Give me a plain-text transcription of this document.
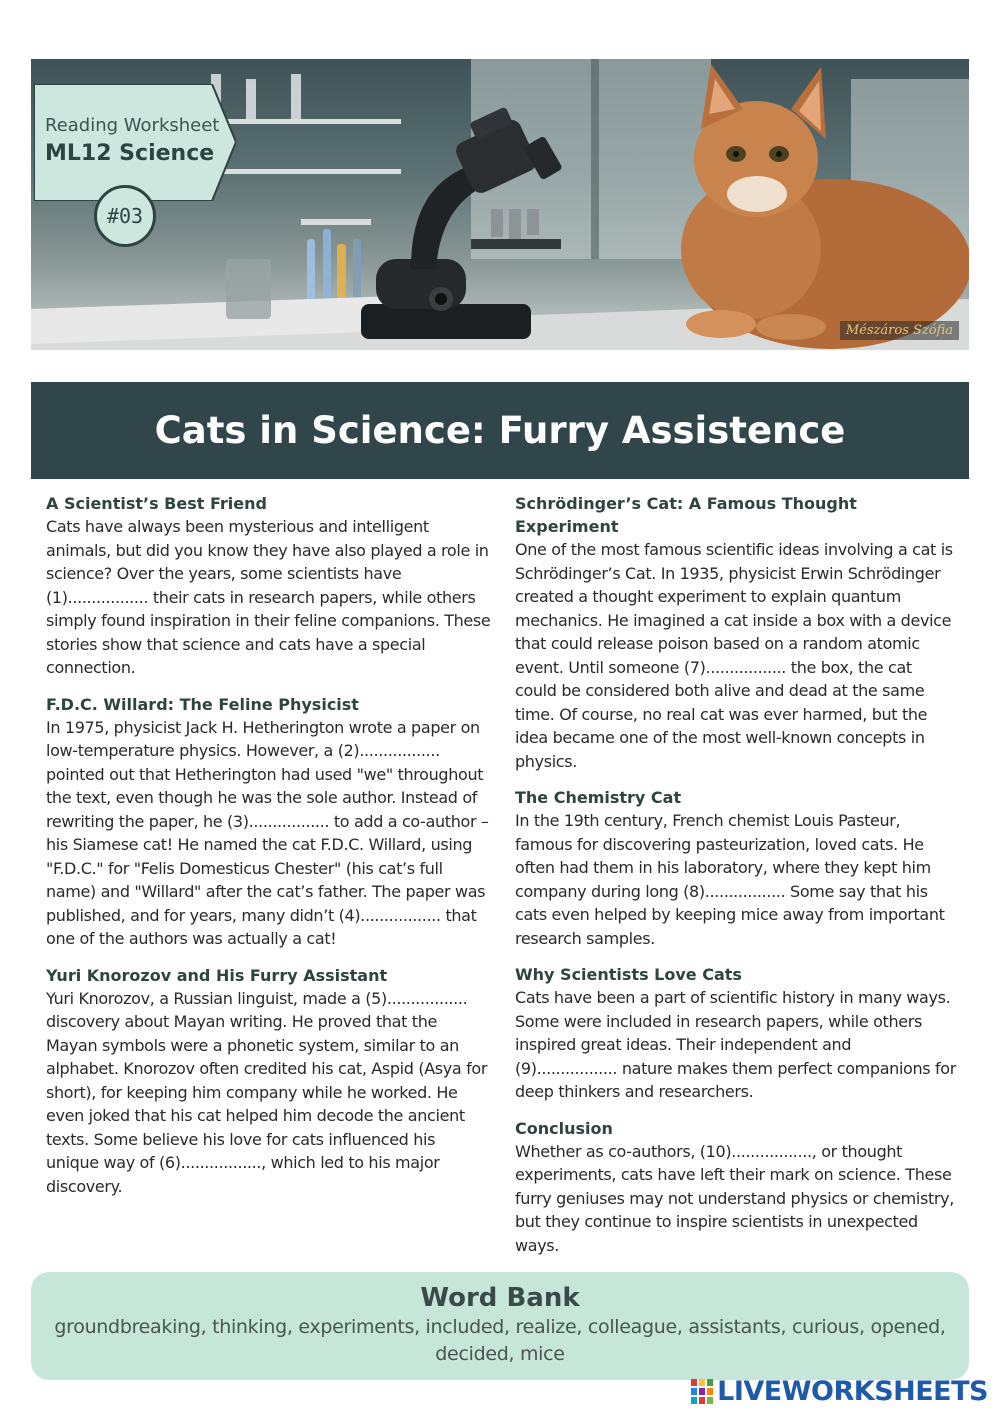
Mészáros Szófia
Reading Worksheet
ML12 Science
#03
Cats in Science: Furry Assistence
A Scientist’s Best Friend

Cats have always been mysterious and intelligent animals, but did you know they have also played a role in science? Over the years, some scientists have (1)................. their cats in research papers, while others simply found inspiration in their feline companions. These stories show that science and cats have a special connection.

F.D.C. Willard: The Feline Physicist

In 1975, physicist Jack H. Hetherington wrote a paper on low-temperature physics. However, a (2)................. pointed out that Hetherington had used "we" throughout the text, even though he was the sole author. Instead of rewriting the paper, he (3)................. to add a co-author – his Siamese cat! He named the cat F.D.C. Willard, using "F.D.C." for "Felis Domesticus Chester" (his cat’s full name) and "Willard" after the cat’s father. The paper was published, and for years, many didn’t (4)................. that one of the authors was actually a cat!

Yuri Knorozov and His Furry Assistant

Yuri Knorozov, a Russian linguist, made a (5)................. discovery about Mayan writing. He proved that the Mayan symbols were a phonetic system, similar to an alphabet. Knorozov often credited his cat, Aspid (Asya for short), for keeping him company while he worked. He even joked that his cat helped him decode the ancient texts. Some believe his love for cats influenced his unique way of (6)................., which led to his major discovery.

Schrödinger’s Cat: A Famous Thought Experiment

One of the most famous scientific ideas involving a cat is Schrödinger’s Cat. In 1935, physicist Erwin Schrödinger created a thought experiment to explain quantum mechanics. He imagined a cat inside a box with a device that could release poison based on a random atomic event. Until someone (7)................. the box, the cat could be considered both alive and dead at the same time. Of course, no real cat was ever harmed, but the idea became one of the most well-known concepts in physics.

The Chemistry Cat

In the 19th century, French chemist Louis Pasteur, famous for discovering pasteurization, loved cats. He often had them in his laboratory, where they kept him company during long (8)................. Some say that his cats even helped by keeping mice away from important research samples.

Why Scientists Love Cats

Cats have been a part of scientific history in many ways. Some were included in research papers, while others inspired great ideas. Their independent and (9)................. nature makes them perfect companions for deep thinkers and researchers.

Conclusion

Whether as co-authors, (10)................., or thought experiments, cats have left their mark on science. These furry geniuses may not understand physics or chemistry, but they continue to inspire scientists in unexpected ways.

Word Bank

groundbreaking, thinking, experiments, included, realize, colleague, assistants, curious, opened, decided, mice

LIVEWORKSHEETS
